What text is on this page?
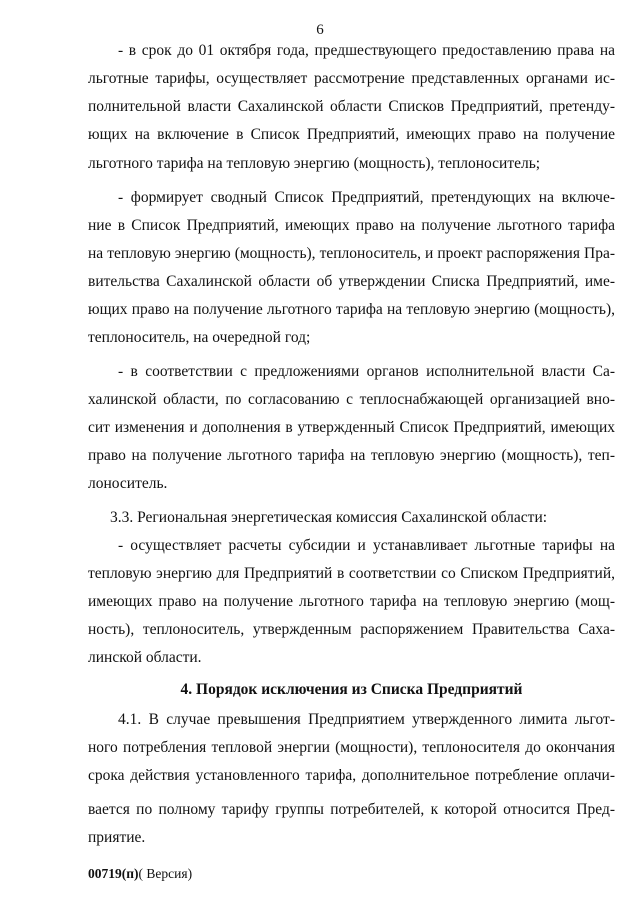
6
- в срок до 01 октября года, предшествующего предоставлению права на
льготные тарифы, осуществляет рассмотрение представленных органами ис-
полнительной власти Сахалинской области Списков Предприятий, претенду-
ющих на включение в Список Предприятий, имеющих право на получение
льготного тарифа на тепловую энергию (мощность), теплоноситель;
- формирует сводный Список Предприятий, претендующих на включе-
ние в Список Предприятий, имеющих право на получение льготного тарифа
на тепловую энергию (мощность), теплоноситель, и проект распоряжения Пра-
вительства Сахалинской области об утверждении Списка Предприятий, име-
ющих право на получение льготного тарифа на тепловую энергию (мощность),
теплоноситель, на очередной год;
- в соответствии с предложениями органов исполнительной власти Са-
халинской области, по согласованию с теплоснабжающей организацией вно-
сит изменения и дополнения в утвержденный Список Предприятий, имеющих
право на получение льготного тарифа на тепловую энергию (мощность), теп-
лоноситель.
3.3. Региональная энергетическая комиссия Сахалинской области:
- осуществляет расчеты субсидии и устанавливает льготные тарифы на
тепловую энергию для Предприятий в соответствии со Списком Предприятий,
имеющих право на получение льготного тарифа на тепловую энергию (мощ-
ность), теплоноситель, утвержденным распоряжением Правительства Саха-
линской области.
4. Порядок исключения из Списка Предприятий
4.1. В случае превышения Предприятием утвержденного лимита льгот-
ного потребления тепловой энергии (мощности), теплоносителя до окончания
срока действия установленного тарифа, дополнительное потребление оплачи-
вается по полному тарифу группы потребителей, к которой относится Пред-
приятие.
00719(п)( Версия)
